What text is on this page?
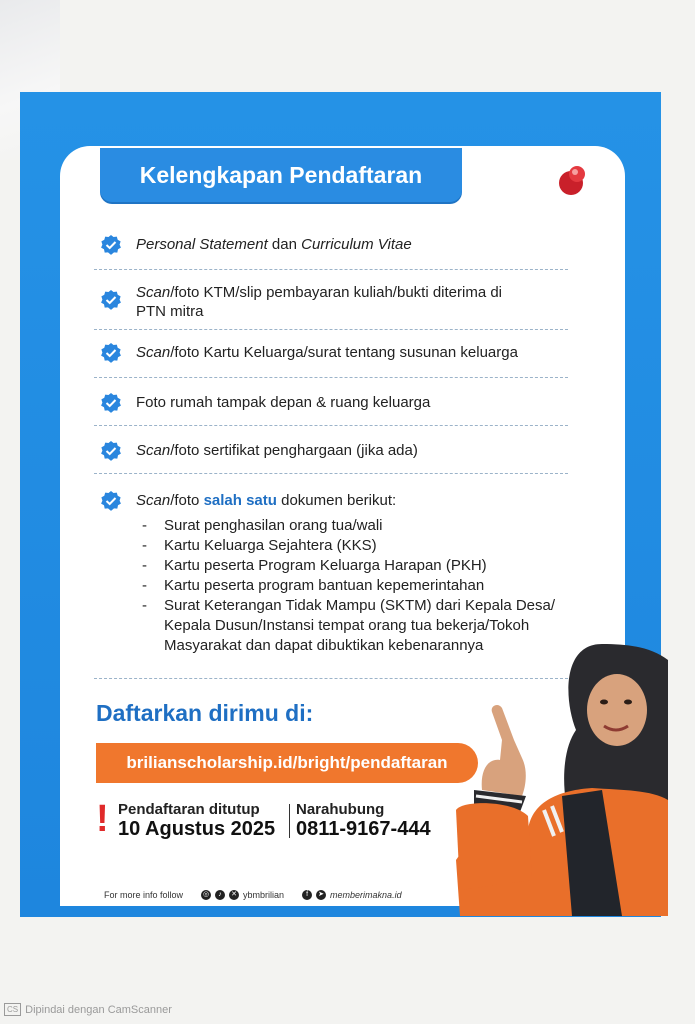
Kelengkapan Pendaftaran
Personal Statement dan Curriculum Vitae
Scan/foto KTM/slip pembayaran kuliah/bukti diterima di PTN mitra
Scan/foto Kartu Keluarga/surat tentang susunan keluarga
Foto rumah tampak depan & ruang keluarga
Scan/foto sertifikat penghargaan (jika ada)
Scan/foto salah satu dokumen berikut:
- Surat penghasilan orang tua/wali
- Kartu Keluarga Sejahtera (KKS)
- Kartu peserta Program Keluarga Harapan (PKH)
- Kartu peserta program bantuan kepemerintahan
- Surat Keterangan Tidak Mampu (SKTM) dari Kepala Desa/ Kepala Dusun/Instansi tempat orang tua bekerja/Tokoh Masyarakat dan dapat dibuktikan kebenarannya
Daftarkan dirimu di:
brilianscholarship.id/bright/pendaftaran
! Pendaftaran ditutup
10 Agustus 2025
Narahubung
0811-9167-444
For more info follow	◎	♪	✕ ybmbrilian	f	➤ memberimakna.id
CS Dipindai dengan CamScanner
